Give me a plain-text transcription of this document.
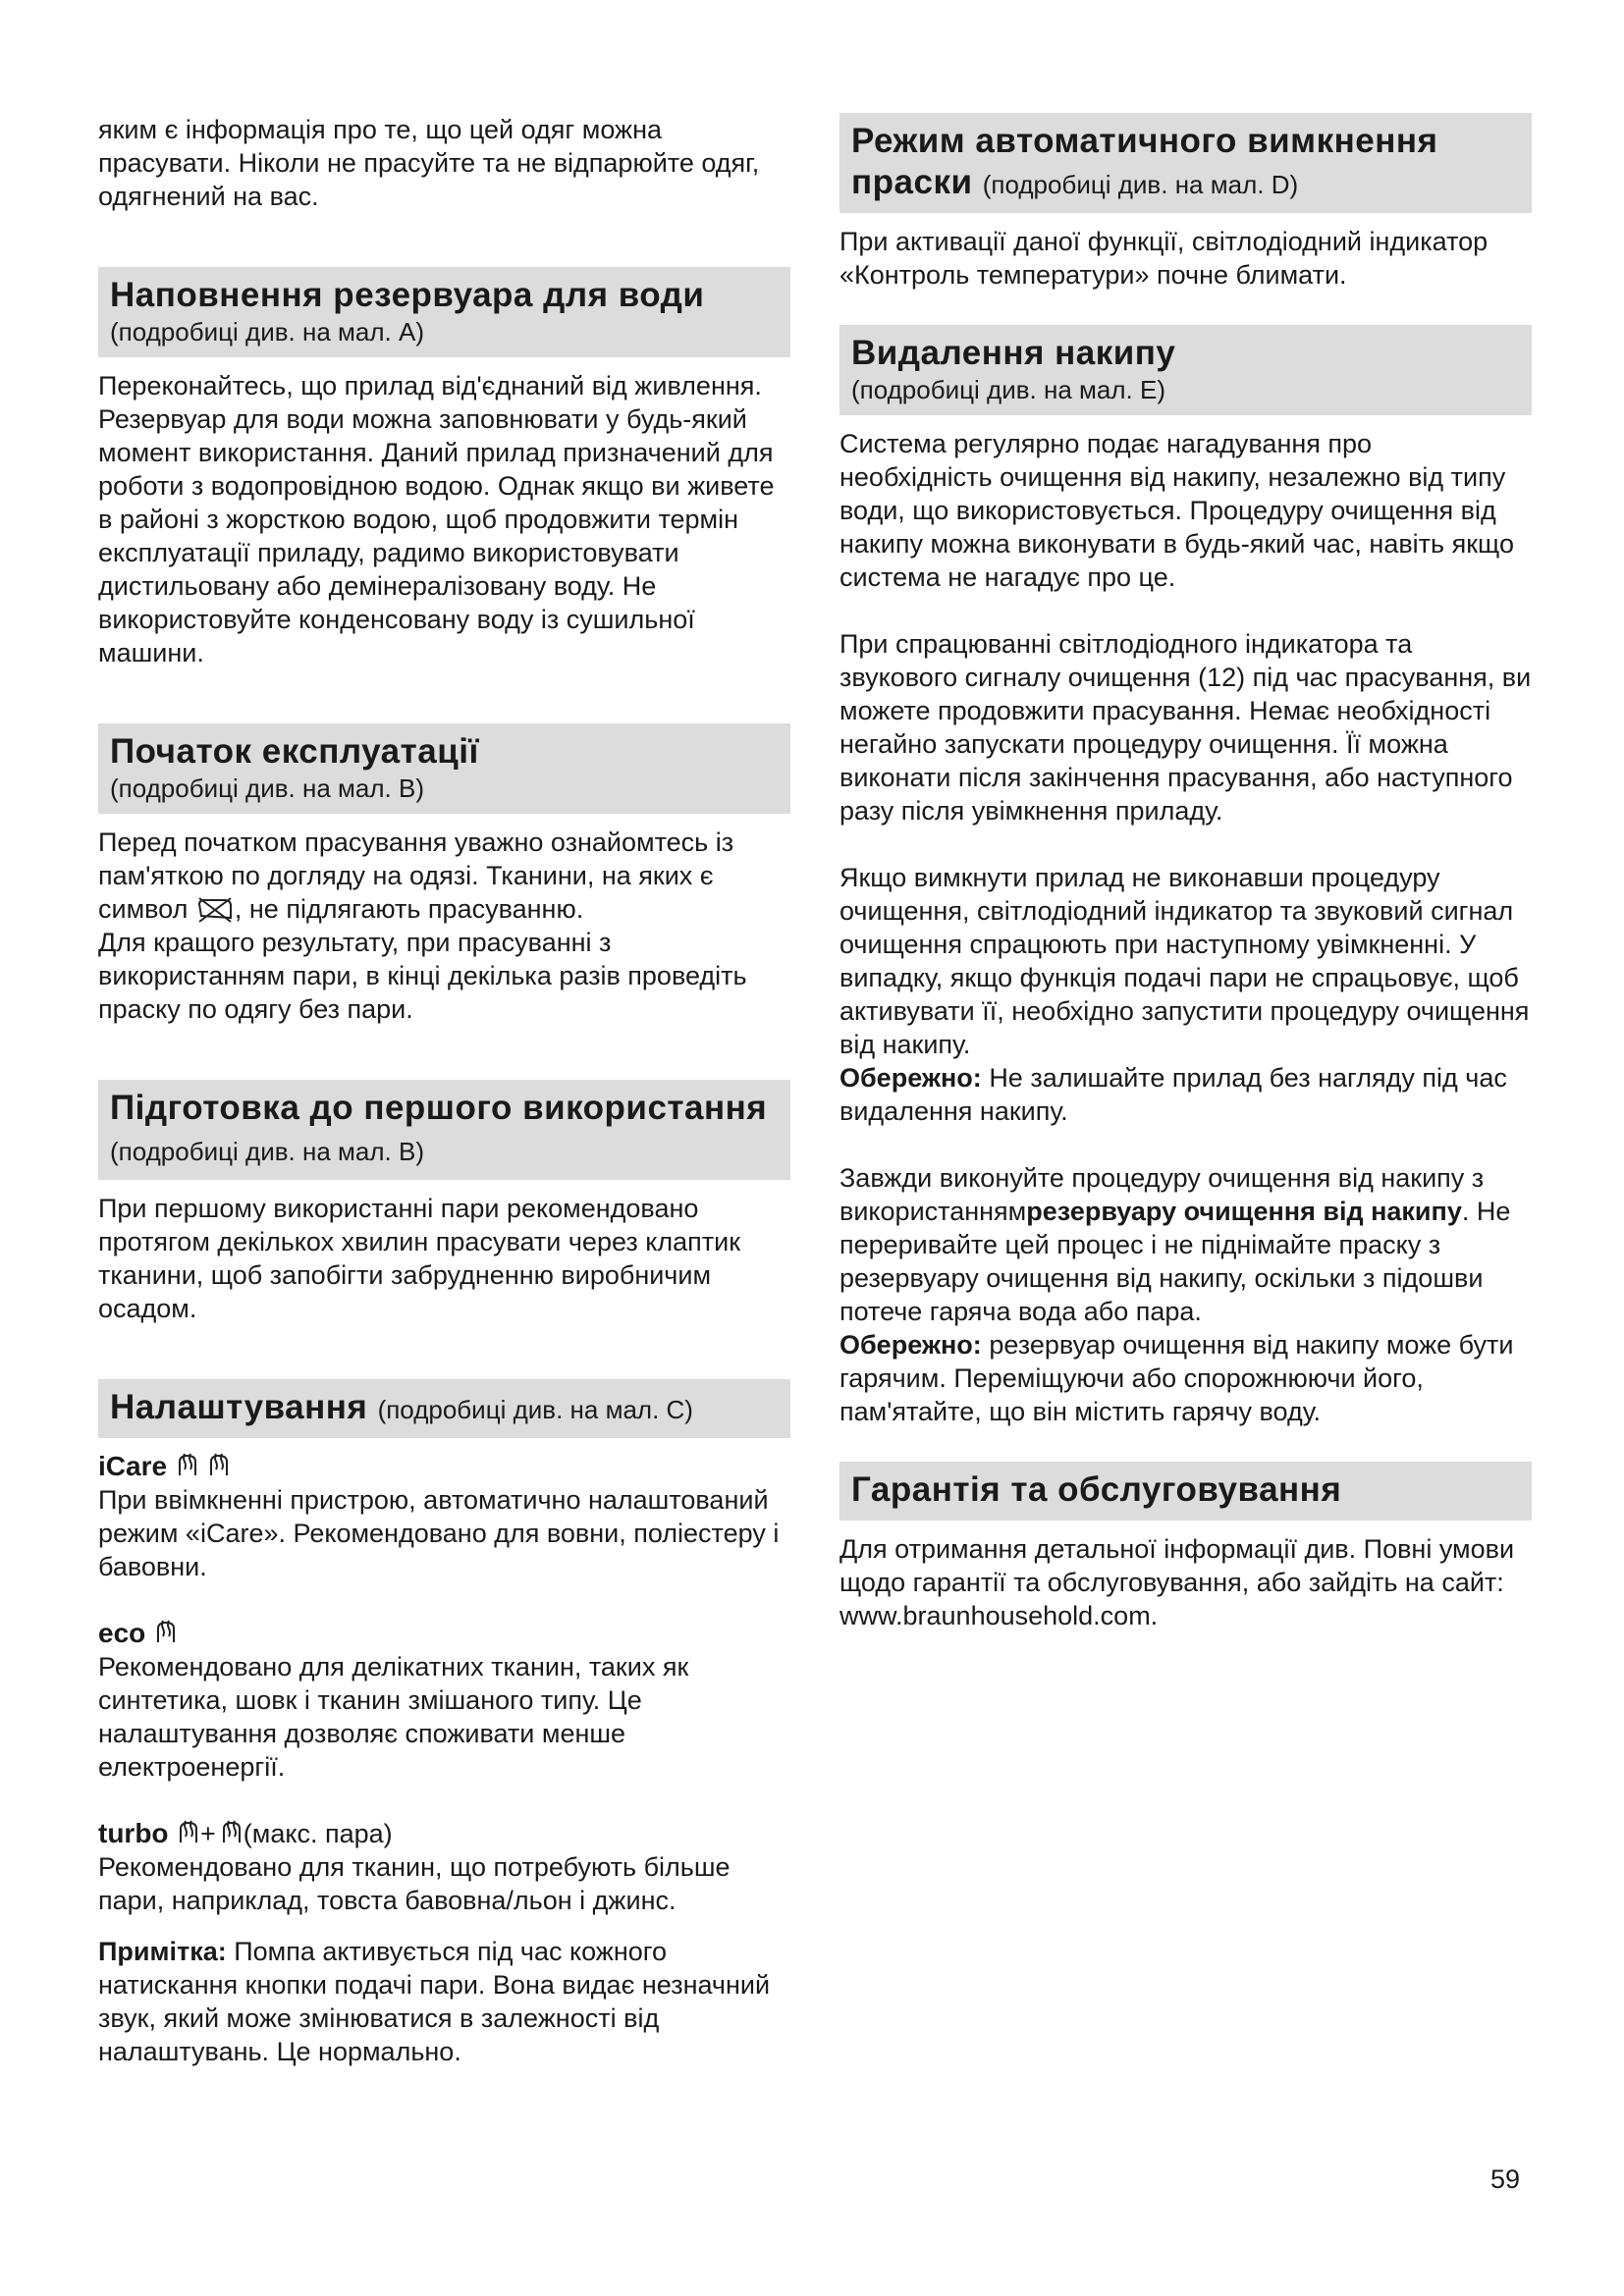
яким є інформація про те, що цей одяг можна прасувати. Ніколи не прасуйте та не відпарюйте одяг, одягнений на вас.

Наповнення резервуара для води
(подробиці див. на мал. A)

Переконайтесь, що прилад від'єднаний від живлення. Резервуар для води можна заповнювати у будь-який момент використання. Даний прилад призначений для роботи з водопровідною водою. Однак якщо ви живете в районі з жорсткою водою, щоб продовжити термін експлуатації приладу, радимо використовувати дистильовану або демінералізовану воду. Не використовуйте конденсовану воду із сушильної машини.

Початок експлуатації
(подробиці див. на мал. B)

Перед початком прасування уважно ознайомтесь із пам'яткою по догляду на одязі. Тканини, на яких є символ , не підлягають прасуванню.

Для кращого результату, при прасуванні з використанням пари, в кінці декілька разів проведіть праску по одягу без пари.

Підготовка до першого використання (подробиці див. на мал. B)

При першому використанні пари рекомендовано протягом декількох хвилин прасувати через клаптик тканини, щоб запобігти забрудненню виробничим осадом.

Налаштування (подробиці див. на мал. C)
iCare

При ввімкненні пристрою, автоматично налаштований режим «iCare». Рекомендовано для вовни, поліестеру і бавовни.

eco

Рекомендовано для делікатних тканин, таких як синтетика, шовк і тканин змішаного типу. Це налаштування дозволяє споживати менше електроенергії.

turbo + (макс. пара)

Рекомендовано для тканин, що потребують більше пари, наприклад, товста бавовна/льон і джинс.

Примітка: Помпа активується під час кожного натискання кнопки подачі пари. Вона видає незначний звук, який може змінюватися в залежності від налаштувань. Це нормально.

Режим автоматичного вимкнення праски (подробиці див. на мал. D)

При активації даної функції, світлодіодний індикатор «Контроль температури» почне блимати.

Видалення накипу
(подробиці див. на мал. E)

Система регулярно подає нагадування про необхідність очищення від накипу, незалежно від типу води, що використовується. Процедуру очищення від накипу можна виконувати в будь-який час, навіть якщо система не нагадує про це.

При спрацюванні світлодіодного індикатора та звукового сигналу очищення (12) під час прасування, ви можете продовжити прасування. Немає необхідності негайно запускати процедуру очищення. Її можна виконати після закінчення прасування, або наступного разу після увімкнення приладу.

Якщо вимкнути прилад не виконавши процедуру очищення, світлодіодний індикатор та звуковий сигнал очищення спрацюють при наступному увімкненні. У випадку, якщо функція подачі пари не спрацьовує, щоб активувати її, необхідно запустити процедуру очищення від накипу.

Обережно: Не залишайте прилад без нагляду під час видалення накипу.

Завжди виконуйте процедуру очищення від накипу з використаннямрезервуару очищення від накипу. Не перeривайте цей процес і не піднімайте праску з резервуару очищення від накипу, оскільки з підошви потече гаряча вода або пара.

Обережно: резервуар очищення від накипу може бути гарячим. Переміщуючи або спорожнюючи його, пам'ятайте, що він містить гарячу воду.

Гарантія та обслуговування

Для отримання детальної інформації див. Повні умови щодо гарантії та обслуговування, або зайдіть на сайт: www.braunhousehold.com.

59
